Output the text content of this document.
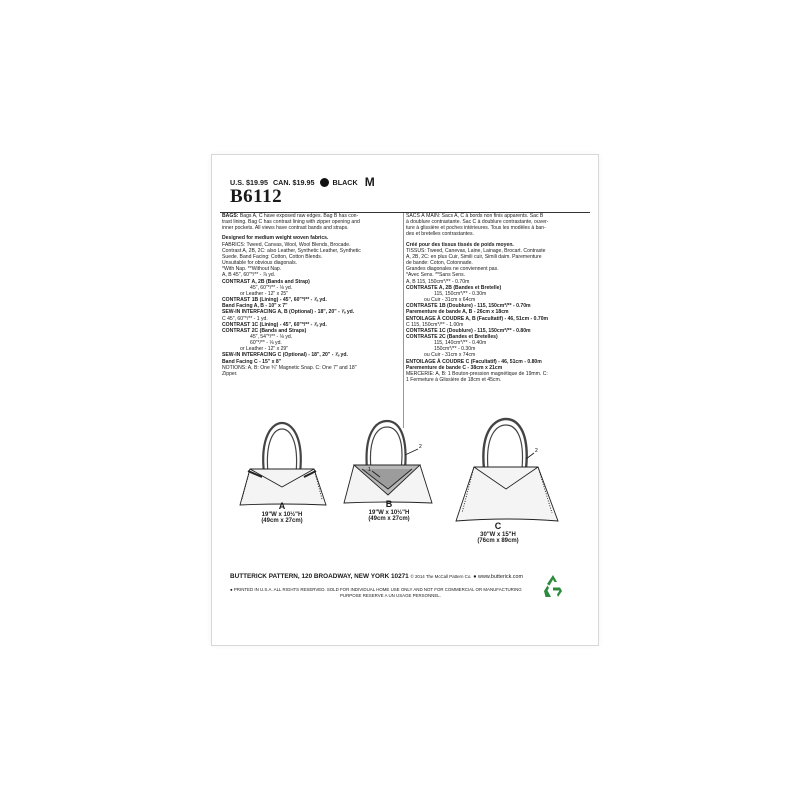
U.S. $19.95 CAN. $19.95	BLACK M
B6112
BAGS: Bags A, C have exposed raw edges. Bag B has con-
trast lining. Bag C has contrast lining with zipper opening and
inner pockets. All views have contrast bands and straps.
Designed for medium weight woven fabrics.
FABRICS: Tweed, Canvas, Wool, Wool Blends, Brocade.
Contrast A, 2B, 2C: also Leather, Synthetic Leather, Synthetic
Suede. Band Facing: Cotton, Cotton Blends.
Unsuitable for obvious diagonals.
*With Nap. **Without Nap.
A, B 45", 60"*/** - ⅞ yd.
CONTRAST A, 2B (Bands and Strap)
45", 60"*/** - ⅛ yd.
or Leather - 12" x 25"
CONTRAST 1B (Lining) - 45", 60"*/** - ⅞ yd.
Band Facing A, B - 10" x 7"
SEW-IN INTERFACING A, B (Optional) - 18", 20" - ⅞ yd.
C 45", 60"*/** - 1 yd.
CONTRAST 1C (Lining) - 45", 60"*/** - ⅞ yd.
CONTRAST 2C (Bands and Straps)
45", 54"*/** - ⅛ yd.
60"*/** - ⅛ yd.
or Leather - 12" x 29"
SEW-IN INTERFACING C (Optional) - 18", 20" - ⅞ yd.
Band Facing C - 15" x 8"
NOTIONS: A, B: One ¾" Magnetic Snap. C: One 7" and 18"
Zipper.
SACS À MAIN: Sacs A, C à bords non finis apparents. Sac B
à doublure contrastante. Sac C à doublure contrastante, ouver-
ture à glissière et poches intérieures. Tous les modèles à ban-
des et bretelles contrastantes.
Créé pour des tissus tissés de poids moyen.
TISSUS: Tweed, Canevas, Laine, Lainage, Brocart. Contraste
A, 2B, 2C: en plus Cuir, Simili cuir, Simili daim. Parementure
de bande: Coton, Cotonnade.
Grandes diagonales ne conviennent pas.
*Avec Sens. **Sans Sens.
A, B 115, 150cm*/** - 0.70m
CONTRASTE A, 2B (Bandes et Bretelle)
115, 150cm*/** - 0.30m
ou Cuir - 31cm x 64cm
CONTRASTE 1B (Doublure) - 115, 150cm*/** - 0.70m
Parementure de bande A, B - 26cm x 18cm
ENTOILAGE À COUDRE A, B (Facultatif) - 46, 51cm - 0.70m
C 115, 150cm*/** - 1.00m
CONTRASTE 1C (Doublure) - 115, 150cm*/** - 0.80m
CONTRASTE 2C (Bandes et Bretelles)
115, 140cm*/** - 0.40m
150cm*/** - 0.30m
ou Cuir - 31cm x 74cm
ENTOILAGE À COUDRE C (Facultatif) - 46, 51cm - 0.80m
Parementure de bande C - 38cm x 21cm
MERCERIE: A, B: 1 Bouton-pression magnétique de 19mm. C:
1 Fermeture à Glissière de 18cm et 45cm.
2
1
2
A
19"W x 10½"H
(49cm x 27cm)
B
19"W x 10½"H
(49cm x 27cm)
C
30"W x 15"H
(76cm x 89cm)
BUTTERICK PATTERN, 120 BROADWAY, NEW YORK 10271 © 2014 The McCall Pattern Co. ● www.butterick.com
● PRINTED IN U.S.A. ALL RIGHTS RESERVED. SOLD FOR INDIVIDUAL HOME USE ONLY AND NOT FOR COMMERCIAL OR MANUFACTURING
PURPOSE RESERVE A UN USAGE PERSONNEL.
